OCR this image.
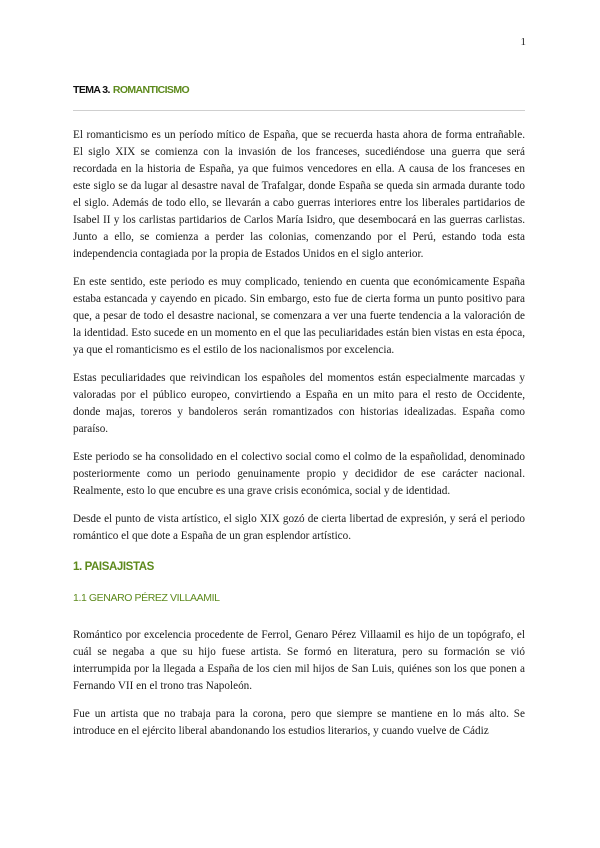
1
TEMA 3. ROMANTICISMO

El romanticismo es un período mítico de España, que se recuerda hasta ahora de forma entrañable. El siglo XIX se comienza con la invasión de los franceses, sucediéndose una guerra que será recordada en la historia de España, ya que fuimos vencedores en ella. A causa de los franceses en este siglo se da lugar al desastre naval de Trafalgar, donde España se queda sin armada durante todo el siglo. Además de todo ello, se llevarán a cabo guerras interiores entre los liberales partidarios de Isabel II y los carlistas partidarios de Carlos María Isidro, que desembocará en las guerras carlistas. Junto a ello, se comienza a perder las colonias, comenzando por el Perú, estando toda esta independencia contagiada por la propia de Estados Unidos en el siglo anterior.

En este sentido, este periodo es muy complicado, teniendo en cuenta que económicamente España estaba estancada y cayendo en picado. Sin embargo, esto fue de cierta forma un punto positivo para que, a pesar de todo el desastre nacional, se comenzara a ver una fuerte tendencia a la valoración de la identidad. Esto sucede en un momento en el que las peculiaridades están bien vistas en esta época, ya que el romanticismo es el estilo de los nacionalismos por excelencia.

Estas peculiaridades que reivindican los españoles del momentos están especialmente marcadas y valoradas por el público europeo, convirtiendo a España en un mito para el resto de Occidente, donde majas, toreros y bandoleros serán romantizados con historias idealizadas. España como paraíso.

Este periodo se ha consolidado en el colectivo social como el colmo de la españolidad, denominado posteriormente como un periodo genuinamente propio y decididor de ese carácter nacional. Realmente, esto lo que encubre es una grave crisis económica, social y de identidad.

Desde el punto de vista artístico, el siglo XIX gozó de cierta libertad de expresión, y será el periodo romántico el que dote a España de un gran esplendor artístico.

1. PAISAJISTAS
1.1 GENARO PÉREZ VILLAAMIL

Romántico por excelencia procedente de Ferrol, Genaro Pérez Villaamil es hijo de un topógrafo, el cuál se negaba a que su hijo fuese artista. Se formó en literatura, pero su formación se vió interrumpida por la llegada a España de los cien mil hijos de San Luis, quiénes son los que ponen a Fernando VII en el trono tras Napoleón.

Fue un artista que no trabaja para la corona, pero que siempre se mantiene en lo más alto. Se introduce en el ejército liberal abandonando los estudios literarios, y cuando vuelve de Cádiz
